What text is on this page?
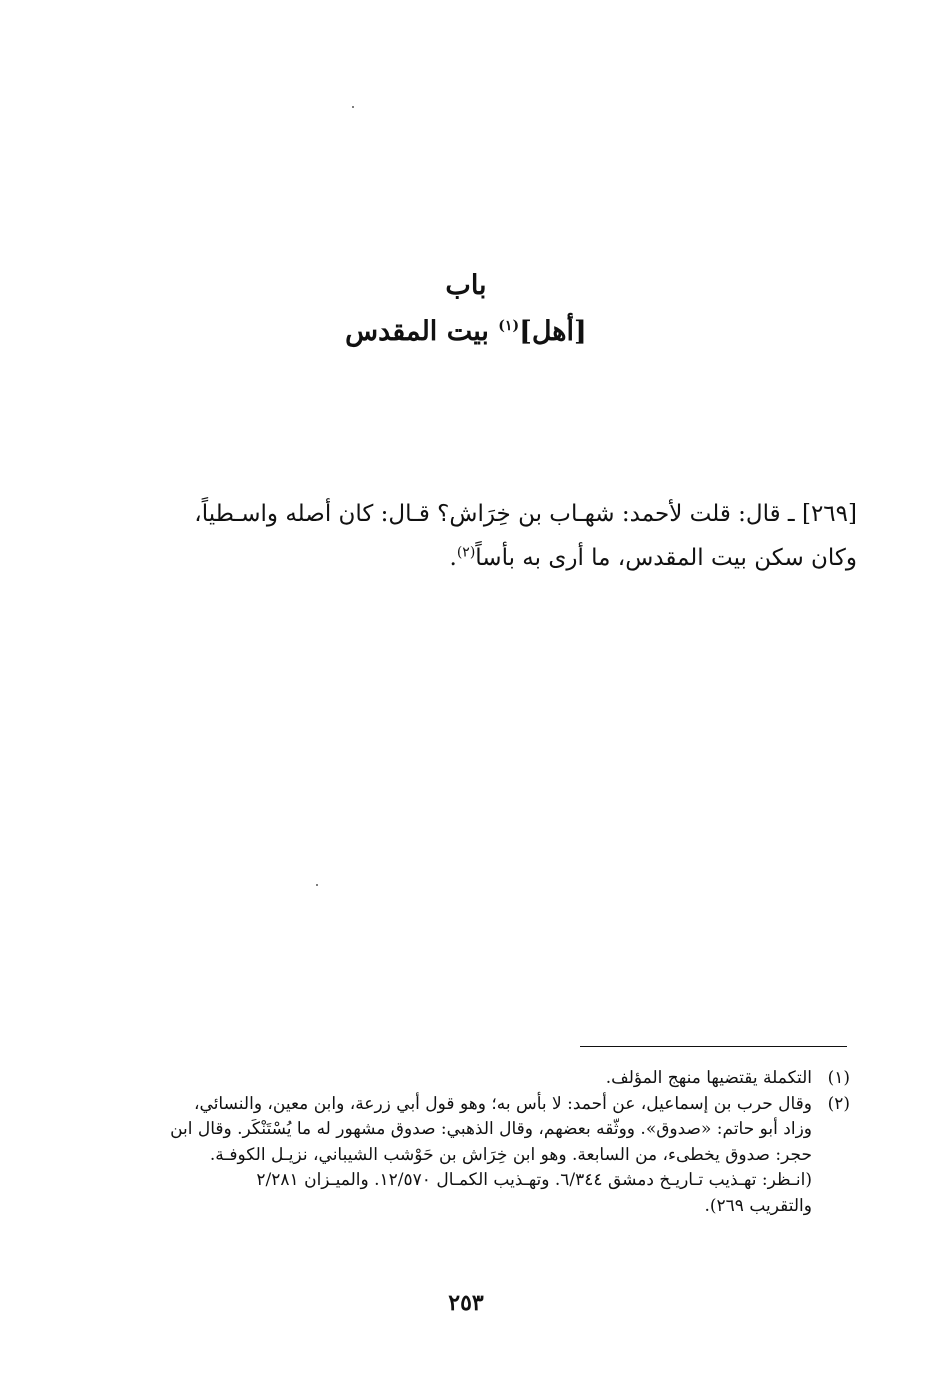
باب
[أهل]$^{(١)}$ بيت المقدس
[٢٦٩] ـ قال: قلت لأحمد: شهـاب بن خِرَاش؟ قـال: كان أصله واسـطياً،
وكان سكن بيت المقدس، ما أرى به بأساً$^{(٢)}$.
(١)
التكملة يقتضيها منهج المؤلف.
(٢)
وقال حرب بن إسماعيل، عن أحمد: لا بأس به؛ وهو قول أبي زرعة، وابن معين، والنسائي،
وزاد أبو حاتم: «صدوق». ووثّقه بعضهم، وقال الذهبي: صدوق مشهور له ما يُسْتَنْكَر. وقال ابن
حجر: صدوق يخطىء، من السابعة. وهو ابن خِرَاش بن حَوْشب الشيباني، نزيـل الكوفـة.
(انـظر: تهـذيب تـاريـخ دمشق ٦/٣٤٤. وتهـذيب الكمـال ١٢/٥٧٠. والميـزان ٢/٢٨١
والتقريب ٢٦٩).
٢٥٣
